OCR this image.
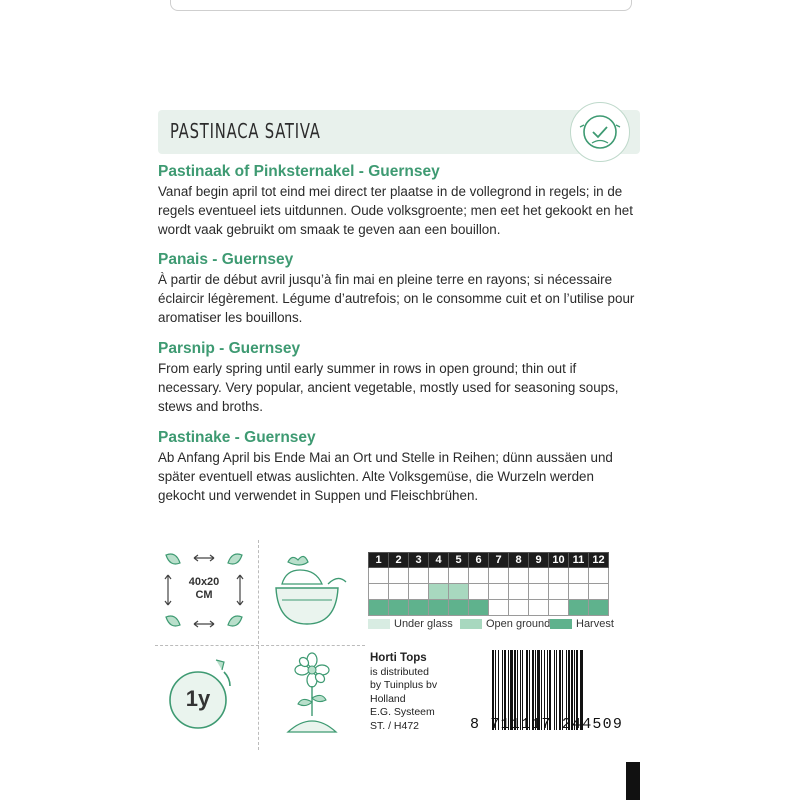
PASTINACA SATIVA
Pastinaak of Pinksternakel - Guernsey

Vanaf begin april tot eind mei direct ter plaatse in de vollegrond in regels; in de regels eventueel iets uitdunnen. Oude volksgroente; men eet het gekookt en het wordt vaak gebruikt om smaak te geven aan een bouillon.

Panais - Guernsey

À partir de début avril jusqu’à fin mai en pleine terre en rayons; si nécessaire éclaircir légèrement. Légume d’autrefois; on le consomme cuit et on l’utilise pour aromatiser les bouillons.

Parsnip - Guernsey

From early spring until early summer in rows in open ground; thin out if necessary. Very popular, ancient vegetable, mostly used for seasoning soups, stews and broths.

Pastinake - Guernsey

Ab Anfang April bis Ende Mai an Ort und Stelle in Reihen; dünn aussäen und später eventuell etwas auslichten. Alte Volksgemüse, die Wurzeln werden gekocht und verwendet in Suppen und Fleischbrühen.

40x20
CM
1y
1	2	3	4	5	6	7	8	9	10	11	12

Under glass	Open ground Harvest
Horti Tops
is distributed
by Tuinplus bv
Holland
E.G. Systeem
ST. / H472	8 711117 244509
